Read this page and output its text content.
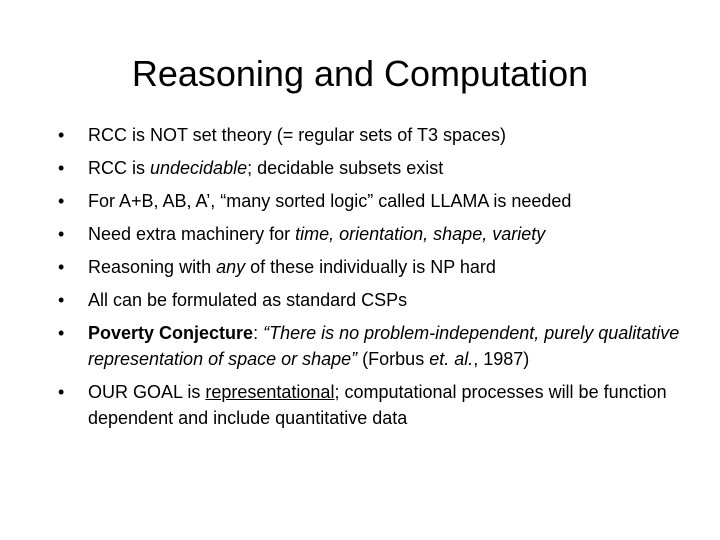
Reasoning and Computation
• RCC is NOT set theory (= regular sets of T3 spaces)
• RCC is undecidable; decidable subsets exist
• For A+B, AB, A’, “many sorted logic” called LLAMA is needed
• Need extra machinery for time, orientation, shape, variety
• Reasoning with any of these individually is NP hard
• All can be formulated as standard CSPs
• Poverty Conjecture: “There is no problem-independent, purely qualitative representation of space or shape” (Forbus et. al., 1987)
• OUR GOAL is representational; computational processes will be function dependent and include quantitative data
